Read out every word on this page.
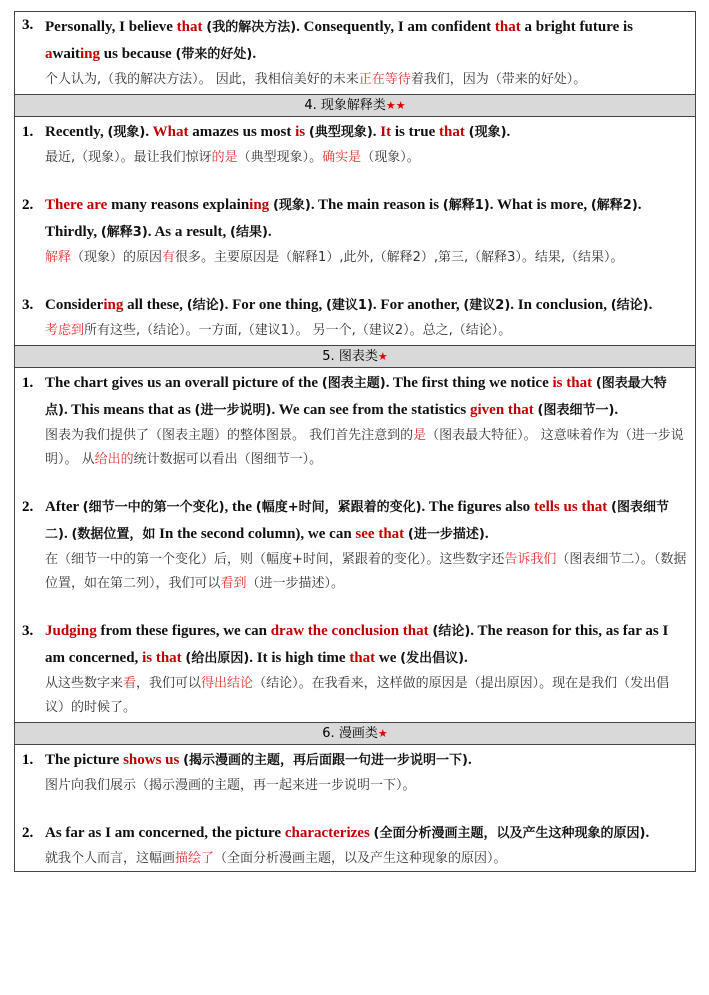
3. Personally, I believe that (我的解决方法). Consequently, I am confident that a bright future is awaiting us because (带来的好处).
个人认为,（我的解决方法）。 因此，我相信美好的未来正在等待着我们，因为（带来的好处）。
4. 现象解释类★★
1. Recently, (现象). What amazes us most is (典型现象). It is true that (现象).
最近,（现象）。最让我们惊讶的是（典型现象）。确实是（现象）。
2. There are many reasons explaining (现象). The main reason is (解释1). What is more, (解释2). Thirdly, (解释3). As a result, (结果).
解释（现象）的原因有很多。主要原因是（解释1）,此外,（解释2）,第三,（解释3）。结果,（结果）。
3. Considering all these, (结论). For one thing, (建议1). For another, (建议2). In conclusion, (结论).
考虑到所有这些,（结论）。一方面,（建议1）。 另一个,（建议2）。总之,（结论）。
5. 图表类★
1. The chart gives us an overall picture of the (图表主题). The first thing we notice is that (图表最大特点). This means that as (进一步说明). We can see from the statistics given that (图表细节一).
图表为我们提供了（图表主题）的整体图景。 我们首先注意到的是（图表最大特征）。 这意味着作为（进一步说明）。 从给出的统计数据可以看出（图细节一）。
2. After (细节一中的第一个变化), the (幅度+时间，紧跟着的变化). The figures also tells us that (图表细节二). (数据位置，如 In the second column), we can see that (进一步描述).
在（细节一中的第一个变化）后，则（幅度+时间，紧跟着的变化）。这些数字还告诉我们（图表细节二）。（数据位置，如在第二列），我们可以看到（进一步描述）。
3. Judging from these figures, we can draw the conclusion that (结论). The reason for this, as far as I am concerned, is that (给出原因). It is high time that we (发出倡议).
从这些数字来看，我们可以得出结论（结论）。在我看来，这样做的原因是（提出原因）。现在是我们（发出倡议）的时候了。
6. 漫画类★
1. The picture shows us (揭示漫画的主题，再后面跟一句进一步说明一下).
图片向我们展示（揭示漫画的主题，再一起来进一步说明一下）。
2. As far as I am concerned, the picture characterizes (全面分析漫画主题，以及产生这种现象的原因).
就我个人而言，这幅画描绘了（全面分析漫画主题，以及产生这种现象的原因）。
